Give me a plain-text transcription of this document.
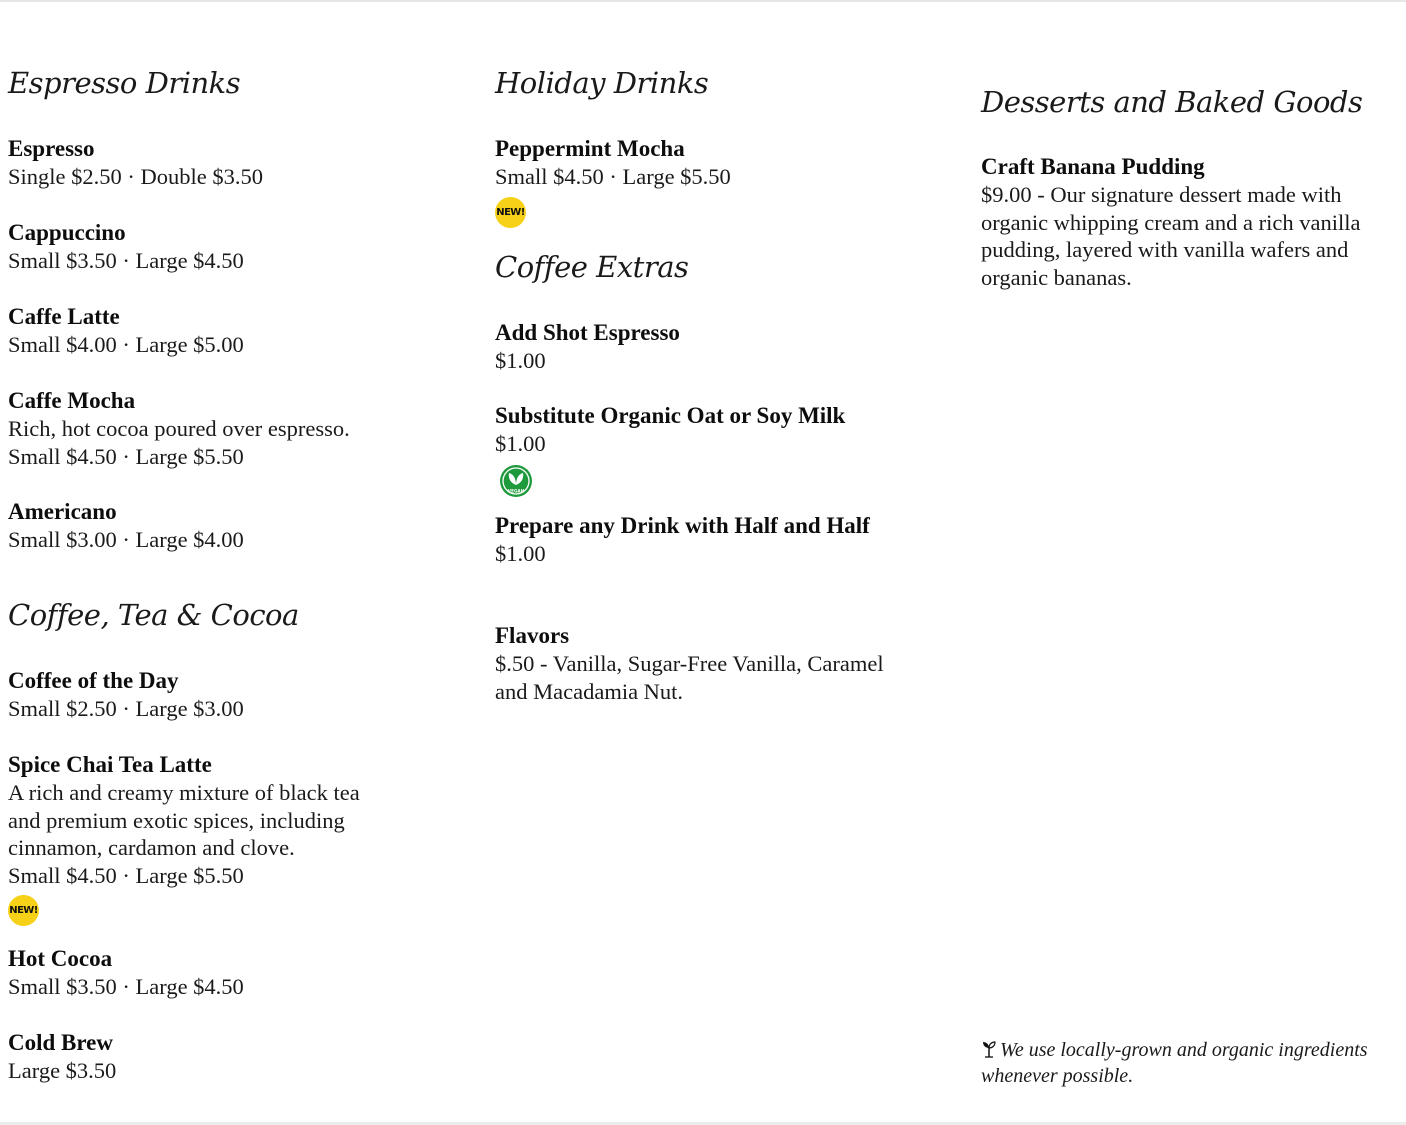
Espresso Drinks
Espresso
Single $2.50 · Double $3.50
Cappuccino
Small $3.50 · Large $4.50
Caffe Latte
Small $4.00 · Large $5.00
Caffe Mocha
Rich, hot cocoa poured over espresso.
Small $4.50 · Large $5.50
Americano
Small $3.00 · Large $4.00
Coffee, Tea & Cocoa
Coffee of the Day
Small $2.50 · Large $3.00
Spice Chai Tea Latte
A rich and creamy mixture of black tea and premium exotic spices, including cinnamon, cardamon and clove.
Small $4.50 · Large $5.50
NEW!
Hot Cocoa
Small $3.50 · Large $4.50
Cold Brew
Large $3.50
Holiday Drinks
Peppermint Mocha
Small $4.50 · Large $5.50
NEW!
Coffee Extras
Add Shot Espresso
$1.00
Substitute Organic Oat or Soy Milk
$1.00
VEGAN
Prepare any Drink with Half and Half
$1.00
Flavors
$.50 - Vanilla, Sugar-Free Vanilla, Caramel and Macadamia Nut.
Desserts and Baked Goods
Craft Banana Pudding
$9.00 - Our signature dessert made with organic whipping cream and a rich vanilla pudding, layered with vanilla wafers and organic bananas.
We use locally-grown and organic ingredients whenever possible.
